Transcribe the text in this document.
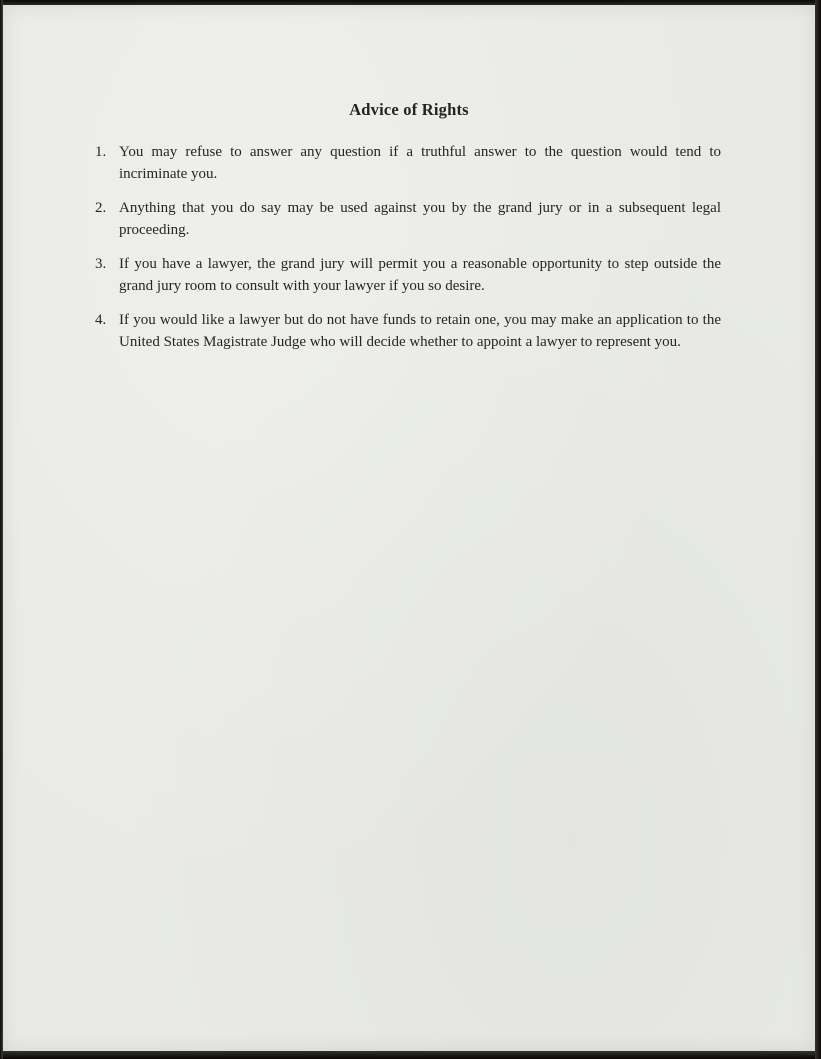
Advice of Rights
1. You may refuse to answer any question if a truthful answer to the question would tend to incriminate you.
2. Anything that you do say may be used against you by the grand jury or in a subsequent legal proceeding.
3. If you have a lawyer, the grand jury will permit you a reasonable opportunity to step outside the grand jury room to consult with your lawyer if you so desire.
4. If you would like a lawyer but do not have funds to retain one, you may make an application to the United States Magistrate Judge who will decide whether to appoint a lawyer to represent you.
